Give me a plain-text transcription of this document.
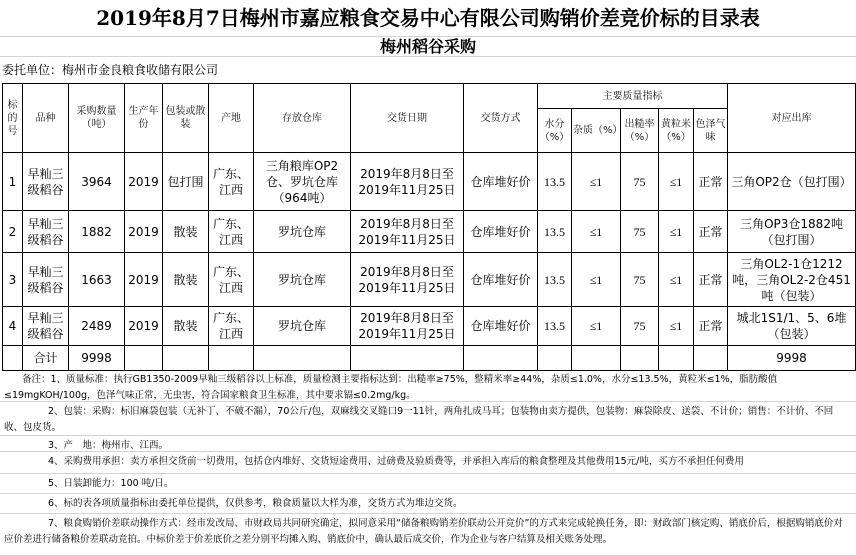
2019年8月7日梅州市嘉应粮食交易中心有限公司购销价差竞价标的目录表
梅州稻谷采购
委托单位：梅州市金良粮食收储有限公司
标的号	品种	采购数量（吨）	生产年份	包装或散装	产地	存放仓库	交货日期	交货方式	主要质量指标					对应出库
									水分（%）	杂质（%）	出糙率（%）	黄粒米（%）	色泽气味	
1	早籼三级稻谷	3964	2019	包打围	广东、江西	三角粮库OP2仓、罗坑仓库（964吨）	2019年8月8日至2019年11月25日	仓库堆好价	13.5	≤1	75	≤1	正常	三角OP2仓（包打围）
2	早籼三级稻谷	1882	2019	散装	广东、江西	罗坑仓库	2019年8月8日至2019年11月25日	仓库堆好价	13.5	≤1	75	≤1	正常	三角OP3仓1882吨（包打围）
3	早籼三级稻谷	1663	2019	散装	广东、江西	罗坑仓库	2019年8月8日至2019年11月25日	仓库堆好价	13.5	≤1	75	≤1	正常	三角OL2-1仓1212吨，三角OL2-2仓451吨（包装）
4	早籼三级稻谷	2489	2019	散装	广东、江西	罗坑仓库	2019年8月8日至2019年11月25日	仓库堆好价	13.5	≤1	75	≤1	正常	城北1S1/1、5、6堆（包装）
	合计	9998												9998
备注：1、质量标准：执行GB1350-2009早籼三级稻谷以上标准，质量检测主要指标达到：出糙率≥75%，整精米率≥44%，杂质≤1.0%，水分≤13.5%，黄粒米≤1%，脂肪酸值≤19mgKOH/100g，色泽气味正常，无虫害，符合国家粮食卫生标准，其中要求镉≤0.2mg/kg。
2、包装：采购：标旧麻袋包装（无补丁、不破不漏），70公斤/包，双麻线交叉缝口9一11针，两角扎成马耳；包装物由卖方提供，包装物：麻袋除皮、送袋、不计价；销售：不计价、不回收、包皮货。
3、产　地：梅州市、江西。
4、采购费用承担：卖方承担交货前一切费用，包括仓内堆好、交货短途费用、过磅费及验质费等，并承担入库后的粮食整理及其他费用15元/吨，买方不承担任何费用
5、日装卸能力：100 吨/日。
6、标的表各项质量指标由委托单位提供，仅供参考，粮食质量以大样为准，交货方式为堆边交货。
7、粮食购销价差联动操作方式：经市发改局、市财政局共同研究确定，拟同意采用“储备粮购销差价联动公开竞价”的方式来完成轮换任务，即：财政部门核定购、销底价后，根据购销底价对应价差进行储备粮价差联动竞拍。中标价差于价差底价之差分别平均摊入购、销底价中，确认最后成交价，作为企业与客户结算及相关账务处理。
